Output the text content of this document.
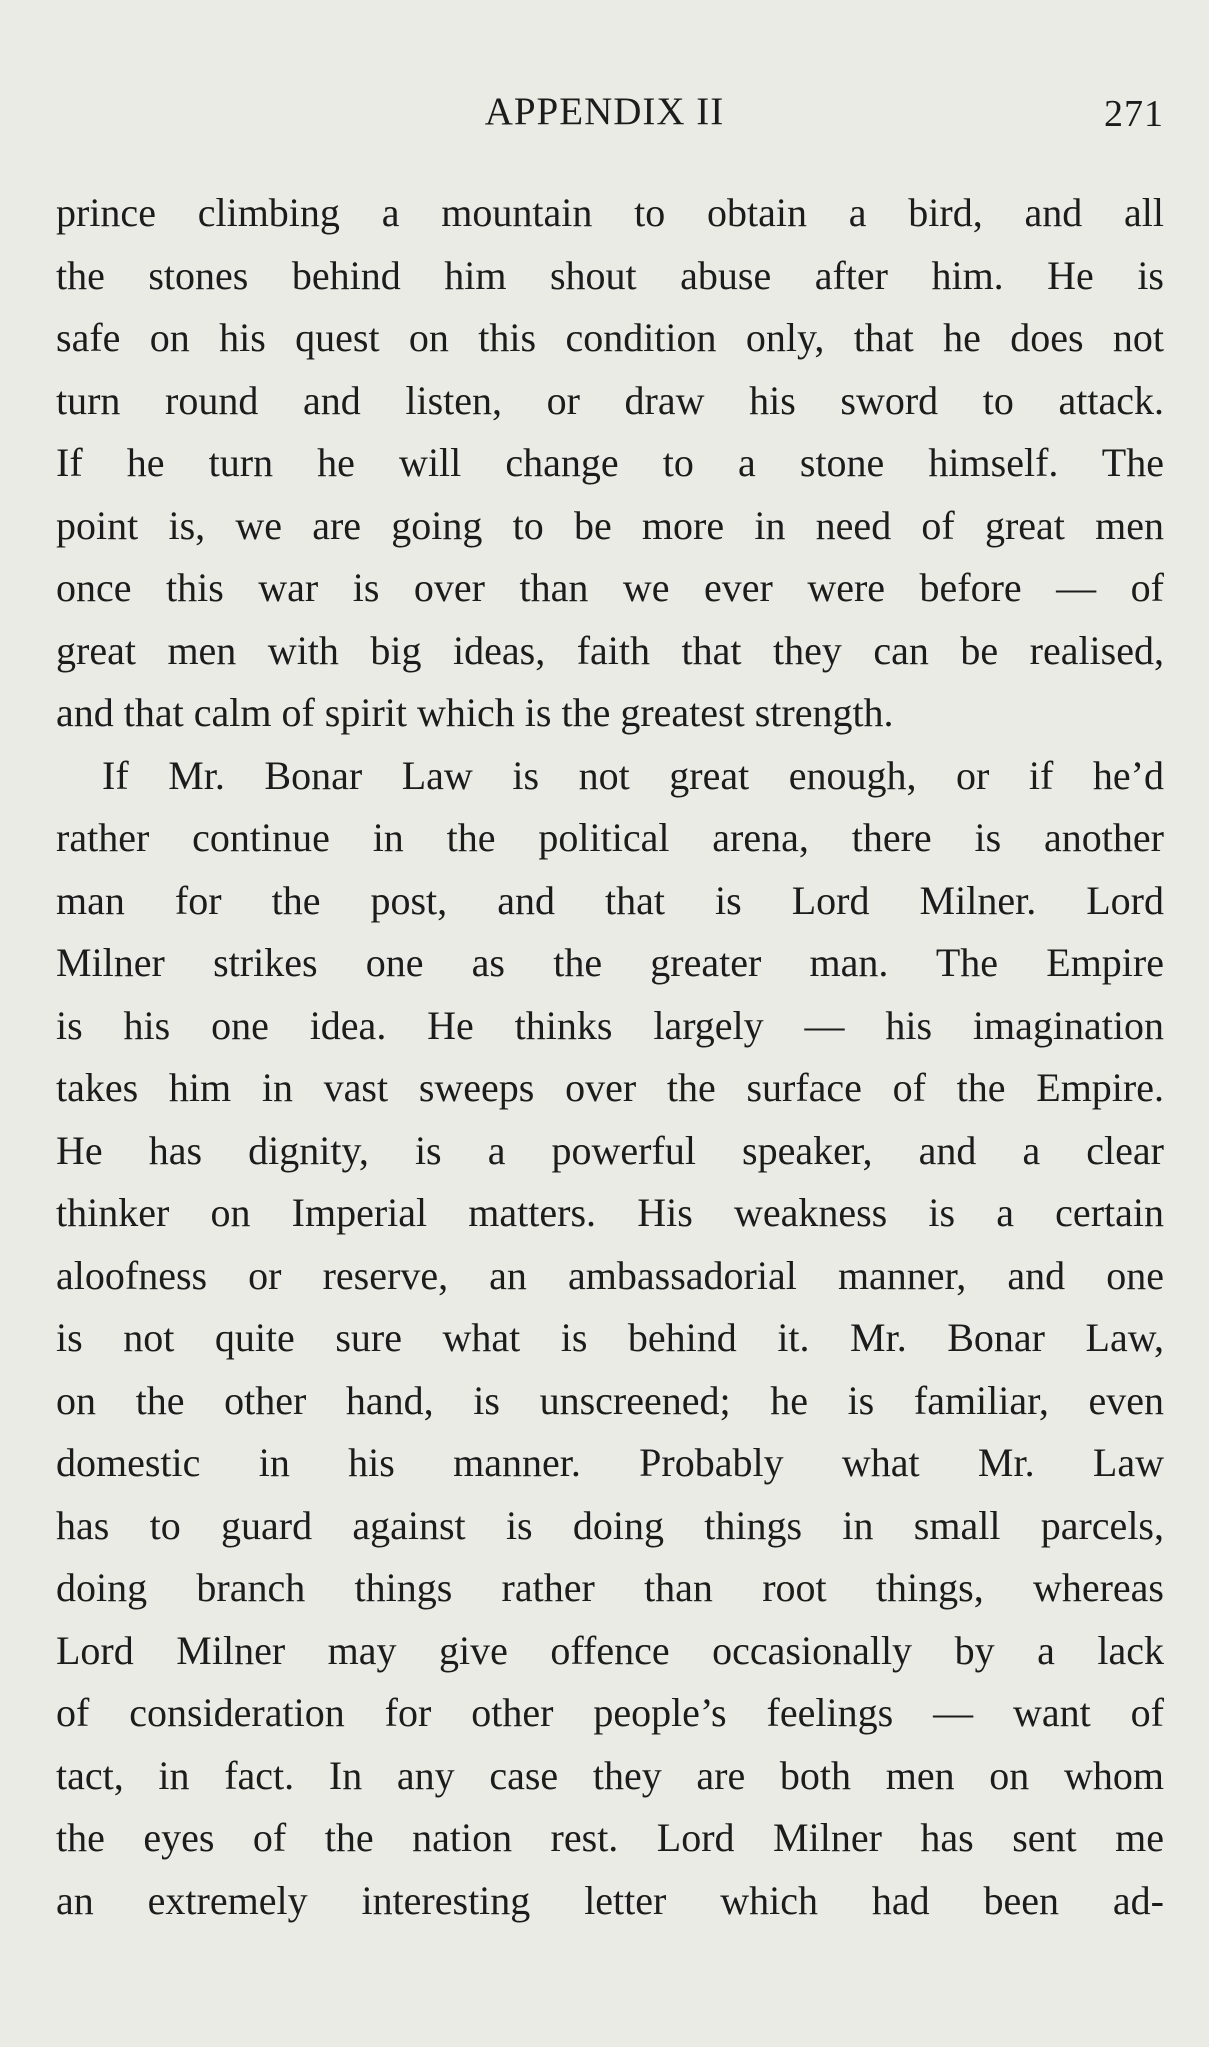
APPENDIX II	271
prince climbing a mountain to obtain a bird, and all
the stones behind him shout abuse after him. He is
safe on his quest on this condition only, that he does not
turn round and listen, or draw his sword to attack.
If he turn he will change to a stone himself. The
point is, we are going to be more in need of great men
once this war is over than we ever were before — of
great men with big ideas, faith that they can be realised,
and that calm of spirit which is the greatest strength.
If Mr. Bonar Law is not great enough, or if he’d
rather continue in the political arena, there is another
man for the post, and that is Lord Milner. Lord
Milner strikes one as the greater man. The Empire
is his one idea. He thinks largely — his imagination
takes him in vast sweeps over the surface of the Empire.
He has dignity, is a powerful speaker, and a clear
thinker on Imperial matters. His weakness is a certain
aloofness or reserve, an ambassadorial manner, and one
is not quite sure what is behind it. Mr. Bonar Law,
on the other hand, is unscreened; he is familiar, even
domestic in his manner. Probably what Mr. Law
has to guard against is doing things in small parcels,
doing branch things rather than root things, whereas
Lord Milner may give offence occasionally by a lack
of consideration for other people’s feelings — want of
tact, in fact. In any case they are both men on whom
the eyes of the nation rest. Lord Milner has sent me
an extremely interesting letter which had been ad-
